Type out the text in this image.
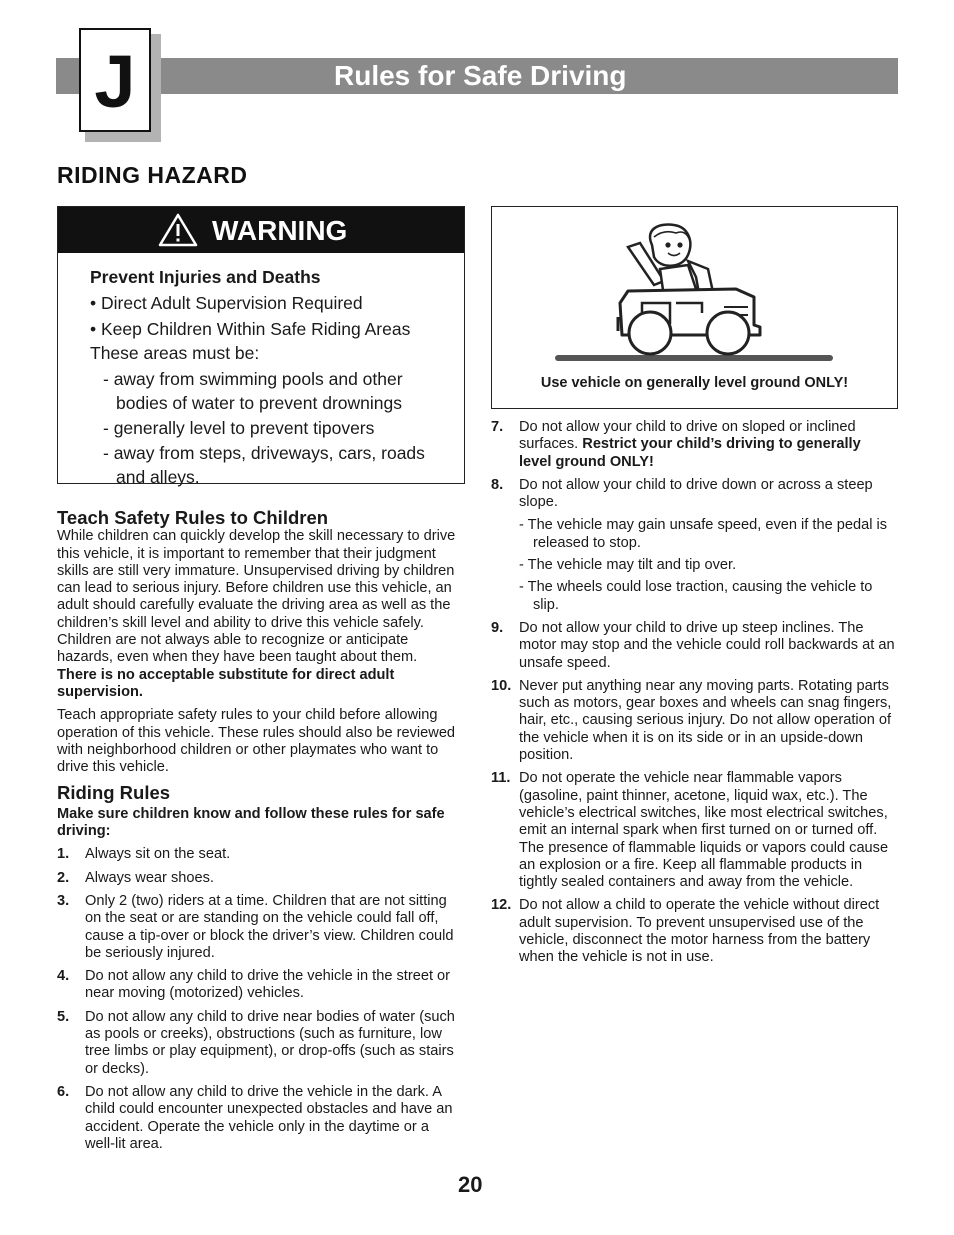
Rules for Safe Driving
J
RIDING HAZARD
WARNING
Prevent Injuries and Deaths
• Direct Adult Supervision Required
• Keep Children Within Safe Riding Areas
These areas must be:
- away from swimming pools and other bodies of water to prevent drownings
- generally level to prevent tipovers
- away from steps, driveways, cars, roads and alleys.
Use vehicle on generally level ground ONLY!

Teach Safety Rules to Children

While children can quickly develop the skill necessary to drive this vehicle, it is important to remember that their judgment skills are still very immature. Unsupervised driving by children can lead to serious injury. Before children use this vehicle, an adult should carefully evaluate the driving area as well as the children’s skill level and ability to drive this vehicle safely. Children are not always able to recognize or anticipate hazards, even when they have been taught about them. There is no acceptable substitute for direct adult supervision.

Teach appropriate safety rules to your child before allowing operation of this vehicle. These rules should also be reviewed with neighborhood children or other playmates who want to drive this vehicle.

Riding Rules

Make sure children know and follow these rules for safe driving:

1. Always sit on the seat.
2. Always wear shoes.
3. Only 2 (two) riders at a time. Children that are not sitting on the seat or are standing on the vehicle could fall off, cause a tip-over or block the driver’s view. Children could be seriously injured.
4. Do not allow any child to drive the vehicle in the street or near moving (motorized) vehicles.
5. Do not allow any child to drive near bodies of water (such as pools or creeks), obstructions (such as furniture, low tree limbs or play equipment), or drop-offs (such as stairs or decks).
6. Do not allow any child to drive the vehicle in the dark. A child could encounter unexpected obstacles and have an accident. Operate the vehicle only in the daytime or a well-lit area.
7. Do not allow your child to drive on sloped or inclined surfaces. Restrict your child’s driving to generally level ground ONLY!
8. Do not allow your child to drive down or across a steep slope.

- The vehicle may gain unsafe speed, even if the pedal is released to stop.

- The vehicle may tilt and tip over.

- The wheels could lose traction, causing the vehicle to slip.

9. Do not allow your child to drive up steep inclines. The motor may stop and the vehicle could roll backwards at an unsafe speed.
10. Never put anything near any moving parts. Rotating parts such as motors, gear boxes and wheels can snag fingers, hair, etc., causing serious injury. Do not allow operation of the vehicle when it is on its side or in an upside-down position.
11. Do not operate the vehicle near flammable vapors (gasoline, paint thinner, acetone, liquid wax, etc.). The vehicle’s electrical switches, like most electrical switches, emit an internal spark when first turned on or turned off. The presence of flammable liquids or vapors could cause an explosion or a fire. Keep all flammable products in tightly sealed containers and away from the vehicle.
12. Do not allow a child to operate the vehicle without direct adult supervision. To prevent unsupervised use of the vehicle, disconnect the motor harness from the battery when the vehicle is not in use.
20
